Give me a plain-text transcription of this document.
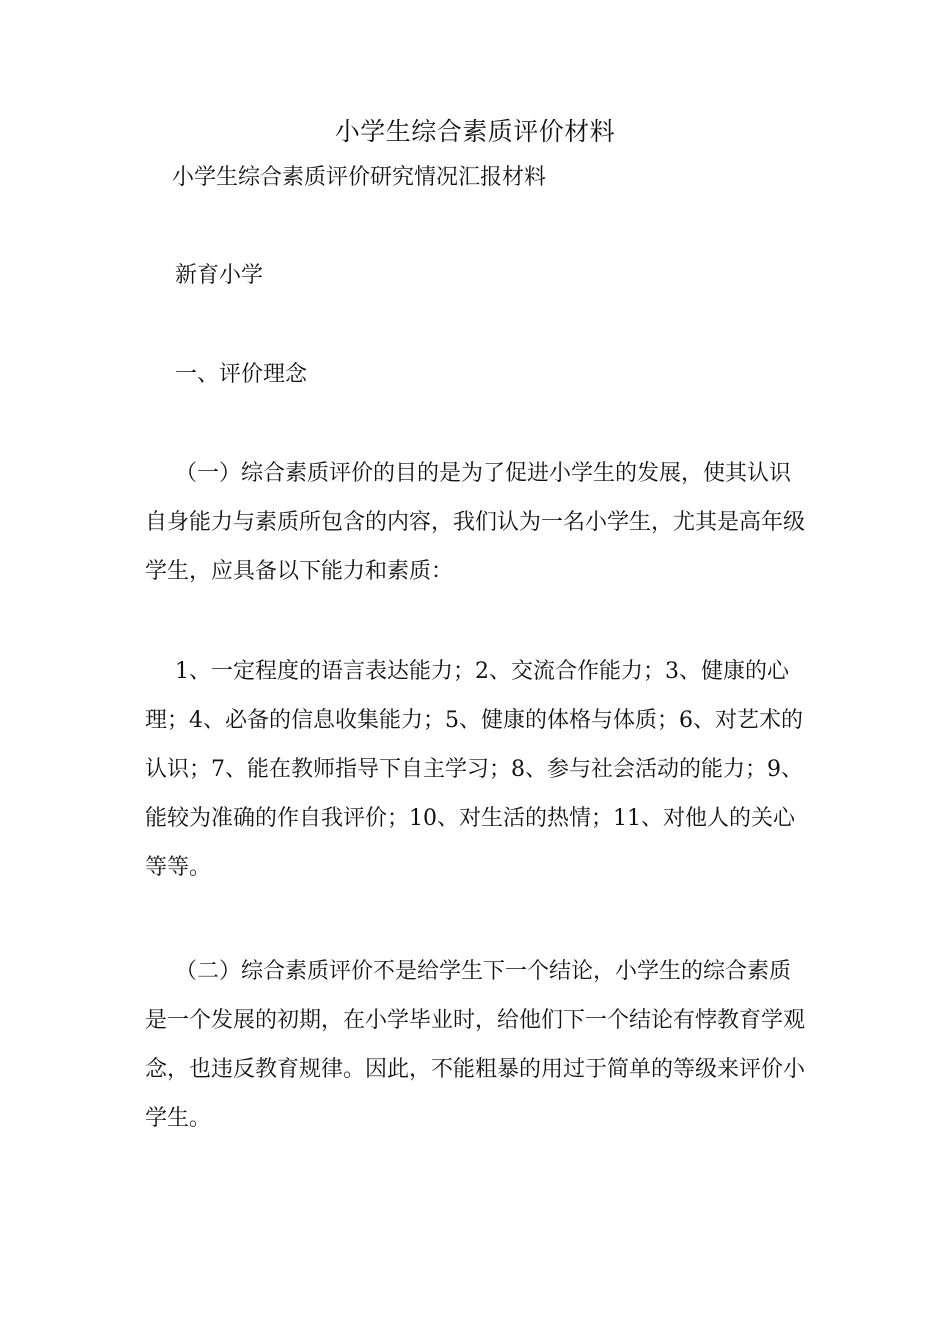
小学生综合素质评价材料
小学生综合素质评价研究情况汇报材料
新育小学
一、评价理念

（一）综合素质评价的目的是为了促进小学生的发展，使其认识自身能力与素质所包含的内容，我们认为一名小学生，尤其是高年级学生，应具备以下能力和素质：

1、一定程度的语言表达能力；2、交流合作能力；3、健康的心理；4、必备的信息收集能力；5、健康的体格与体质；6、对艺术的认识；7、能在教师指导下自主学习；8、参与社会活动的能力；9、能较为准确的作自我评价；10、对生活的热情；11、对他人的关心等等。

（二）综合素质评价不是给学生下一个结论，小学生的综合素质是一个发展的初期，在小学毕业时，给他们下一个结论有悖教育学观念，也违反教育规律。因此，不能粗暴的用过于简单的等级来评价小学生。
